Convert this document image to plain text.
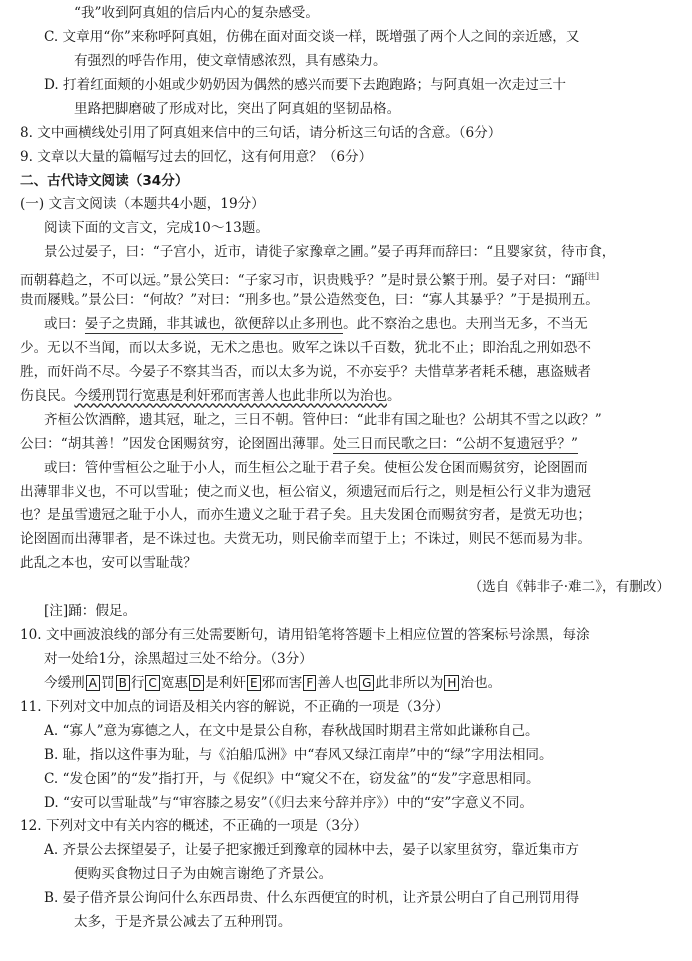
“我”收到阿真姐的信后内心的复杂感受。
C. 文章用“你”来称呼阿真姐，仿佛在面对面交谈一样，既增强了两个人之间的亲近感，又
有强烈的呼告作用，使文章情感浓烈，具有感染力。
D. 打着红面颊的小姐或少奶奶因为偶然的感兴而要下去跑跑路；与阿真姐一次走过三十
里路把脚磨破了形成对比，突出了阿真姐的坚韧品格。
8. 文中画横线处引用了阿真姐来信中的三句话，请分析这三句话的含意。（6分）
9. 文章以大量的篇幅写过去的回忆，这有何用意？（6分）
二、古代诗文阅读（34分）
(一) 文言文阅读（本题共4小题，19分）
阅读下面的文言文，完成10～13题。
景公过晏子，曰：“子宫小，近市，请徙子家豫章之圃。”晏子再拜而辞曰：“且婴家贫，待市食，
而朝暮趋之，不可以远。”景公笑曰：“子家习市，识贵贱乎？”是时景公繁于刑。晏子对曰：“踊[注]
贵而屦贱。”景公曰：“何故？”对曰：“刑多也。”景公造然变色，曰：“寡人其暴乎？”于是损刑五。
或曰：晏子之贵踊，非其诚也，欲便辞以止多刑也。此不察治之患也。夫刑当无多，不当无
少。无以不当闻，而以太多说，无术之患也。败军之诛以千百数，犹北不止；即治乱之刑如恐不
胜，而奸尚不尽。今晏子不察其当否，而以太多为说，不亦妄乎？夫惜草茅者耗禾穗，惠盗贼者
伤良民。今缓刑罚行宽惠是利奸邪而害善人也此非所以为治也。
齐桓公饮酒醉，遗其冠，耻之，三日不朝。管仲曰：“此非有国之耻也？公胡其不雪之以政？”
公曰：“胡其善！”因发仓囷赐贫穷，论囹圄出薄罪。处三日而民歌之曰：“公胡不复遗冠乎？”
或曰：管仲雪桓公之耻于小人，而生桓公之耻于君子矣。使桓公发仓囷而赐贫穷，论囹圄而
出薄罪非义也，不可以雪耻；使之而义也，桓公宿义，须遗冠而后行之，则是桓公行义非为遗冠
也？是虽雪遗冠之耻于小人，而亦生遗义之耻于君子矣。且夫发囷仓而赐贫穷者，是赏无功也；
论囹圄而出薄罪者，是不诛过也。夫赏无功，则民偷幸而望于上；不诛过，则民不惩而易为非。
此乱之本也，安可以雪耻哉？
（选自《韩非子·难二》，有删改）
[注]踊：假足。
10. 文中画波浪线的部分有三处需要断句，请用铅笔将答题卡上相应位置的答案标号涂黑，每涂
对一处给1分，涂黑超过三处不给分。（3分）
今缓刑 A 罚 B 行 C 宽惠 D 是利奸 E 邪而害 F 善人也 G 此非所以为 H 治也。
11. 下列对文中加点的词语及相关内容的解说，不正确的一项是（3分）
A. “寡人”意为寡德之人，在文中是景公自称，春秋战国时期君主常如此谦称自己。
B. 耻，指以这件事为耻，与《泊船瓜洲》中“春风又绿江南岸”中的“绿”字用法相同。
C. “发仓囷”的“发”指打开，与《促织》中“窥父不在，窃发盆”的“发”字意思相同。
D. “安可以雪耻哉”与“审容膝之易安”（《归去来兮辞并序》）中的“安”字意义不同。
12. 下列对文中有关内容的概述，不正确的一项是（3分）
A. 齐景公去探望晏子，让晏子把家搬迁到豫章的园林中去，晏子以家里贫穷，靠近集市方
便购买食物过日子为由婉言谢绝了齐景公。
B. 晏子借齐景公询问什么东西昂贵、什么东西便宜的时机，让齐景公明白了自己刑罚用得
太多，于是齐景公减去了五种刑罚。
